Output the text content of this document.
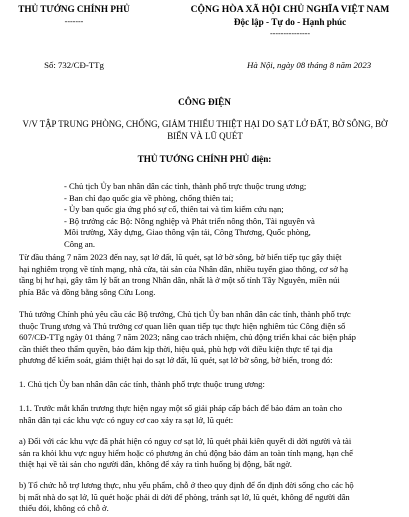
THỦ TƯỚNG CHÍNH PHỦ

-------

CỘNG HÒA XÃ HỘI CHỦ NGHĨA VIỆT NAM

Độc lập - Tự do - Hạnh phúc

---------------

Số: 732/CĐ-TTg	Hà Nội, ngày 08 tháng 8 năm 2023

CÔNG ĐIỆN

V/V TẬP TRUNG PHÒNG, CHỐNG, GIẢM THIỂU THIỆT HẠI DO SẠT LỞ ĐẤT, BỜ SÔNG, BỜ
BIỂN VÀ LŨ QUÉT

THỦ TƯỚNG CHÍNH PHỦ điện:

- Chủ tịch Ủy ban nhân dân các tỉnh, thành phố trực thuộc trung ương;
- Ban chỉ đạo quốc gia về phòng, chống thiên tai;
- Ủy ban quốc gia ứng phó sự cố, thiên tai và tìm kiếm cứu nạn;
- Bộ trưởng các Bộ: Nông nghiệp và Phát triển nông thôn, Tài nguyên và
Môi trường, Xây dựng, Giao thông vận tải, Công Thương, Quốc phòng,
Công an.
Từ đầu tháng 7 năm 2023 đến nay, sạt lở đất, lũ quét, sạt lở bờ sông, bờ biển tiếp tục gây thiệt
hại nghiêm trọng về tính mạng, nhà cửa, tài sản của Nhân dân, nhiều tuyến giao thông, cơ sở hạ
tầng bị hư hại, gây tâm lý bất an trong Nhân dân, nhất là ở một số tỉnh Tây Nguyên, miền núi
phía Bắc và đồng bằng sông Cửu Long.
Thủ tướng Chính phủ yêu cầu các Bộ trưởng, Chủ tịch Ủy ban nhân dân các tỉnh, thành phố trực
thuộc Trung ương và Thủ trưởng cơ quan liên quan tiếp tục thực hiện nghiêm túc Công điện số
607/CĐ-TTg ngày 01 tháng 7 năm 2023; nâng cao trách nhiệm, chủ động triển khai các biện pháp
cần thiết theo thẩm quyền, bảo đảm kịp thời, hiệu quả, phù hợp với điều kiện thực tế tại địa
phương để kiểm soát, giảm thiệt hại do sạt lở đất, lũ quét, sạt lở bờ sông, bờ biển, trong đó:
1. Chủ tịch Ủy ban nhân dân các tỉnh, thành phố trực thuộc trung ương:
1.1. Trước mắt khẩn trương thực hiện ngay một số giải pháp cấp bách để bảo đảm an toàn cho
nhân dân tại các khu vực có nguy cơ cao xảy ra sạt lở, lũ quét:
a) Đối với các khu vực đã phát hiện có nguy cơ sạt lở, lũ quét phải kiên quyết di dời người và tài
sản ra khỏi khu vực nguy hiểm hoặc có phương án chủ động bảo đảm an toàn tính mạng, hạn chế
thiệt hại về tài sản cho người dân, không để xảy ra tình huống bị động, bất ngờ.
b) Tổ chức hỗ trợ lương thực, nhu yếu phẩm, chỗ ở theo quy định để ổn định đời sống cho các hộ
bị mất nhà do sạt lở, lũ quét hoặc phải di dời để phòng, tránh sạt lở, lũ quét, không để người dân
thiếu đói, không có chỗ ở.
